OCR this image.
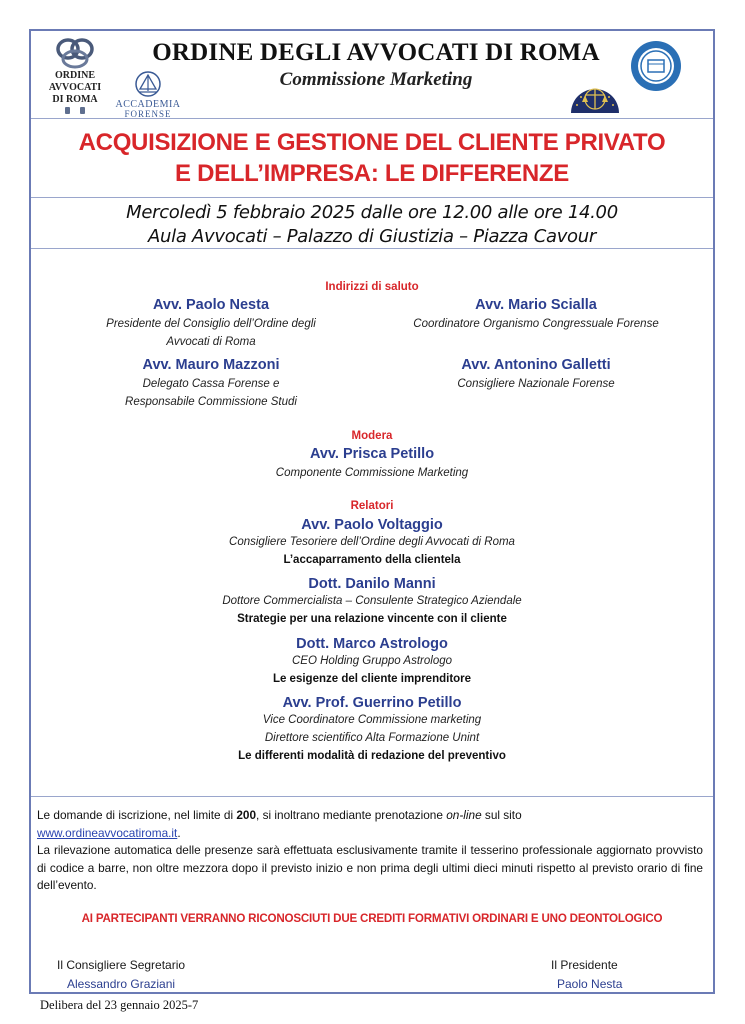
ORDINE
AVVOCATI
DI ROMA	ACCADEMIA
FORENSE
ORDINE DEGLI AVVOCATI DI ROMA
Commissione Marketing
ACQUISIZIONE E GESTIONE DEL CLIENTE PRIVATO
E DELL’IMPRESA: LE DIFFERENZE
Mercoledì 5 febbraio 2025 dalle ore 12.00 alle ore 14.00
Aula Avvocati – Palazzo di Giustizia – Piazza Cavour
Indirizzi di saluto
Avv. Paolo Nesta
Presidente del Consiglio dell’Ordine degli
Avvocati di Roma
Avv. Mario Scialla
Coordinatore Organismo Congressuale Forense
Avv. Mauro Mazzoni
Delegato Cassa Forense e
Responsabile Commissione Studi
Avv. Antonino Galletti
Consigliere Nazionale Forense
Modera
Avv. Prisca Petillo
Componente Commissione Marketing
Relatori
Avv. Paolo Voltaggio
Consigliere Tesoriere dell’Ordine degli Avvocati di Roma
L’accaparramento della clientela
Dott. Danilo Manni
Dottore Commercialista – Consulente Strategico Aziendale
Strategie per una relazione vincente con il cliente
Dott. Marco Astrologo
CEO Holding Gruppo Astrologo
Le esigenze del cliente imprenditore
Avv. Prof. Guerrino Petillo
Vice Coordinatore Commissione marketing
Direttore scientifico Alta Formazione Unint
Le differenti modalità di redazione del preventivo

Le domande di iscrizione, nel limite di 200, si inoltrano mediante prenotazione on-line sul sito
www.ordineavvocatiroma.it.

La rilevazione automatica delle presenze sarà effettuata esclusivamente tramite il tesserino professionale aggiornato provvisto di codice a barre, non oltre mezzora dopo il previsto inizio e non prima degli ultimi dieci minuti rispetto al previsto orario di fine dell’evento.

AI PARTECIPANTI VERRANNO RICONOSCIUTI DUE CREDITI FORMATIVI ORDINARI E UNO DEONTOLOGICO
Il Consigliere Segretario
Alessandro Graziani
Il Presidente
Paolo Nesta
Delibera del 23 gennaio 2025-7
